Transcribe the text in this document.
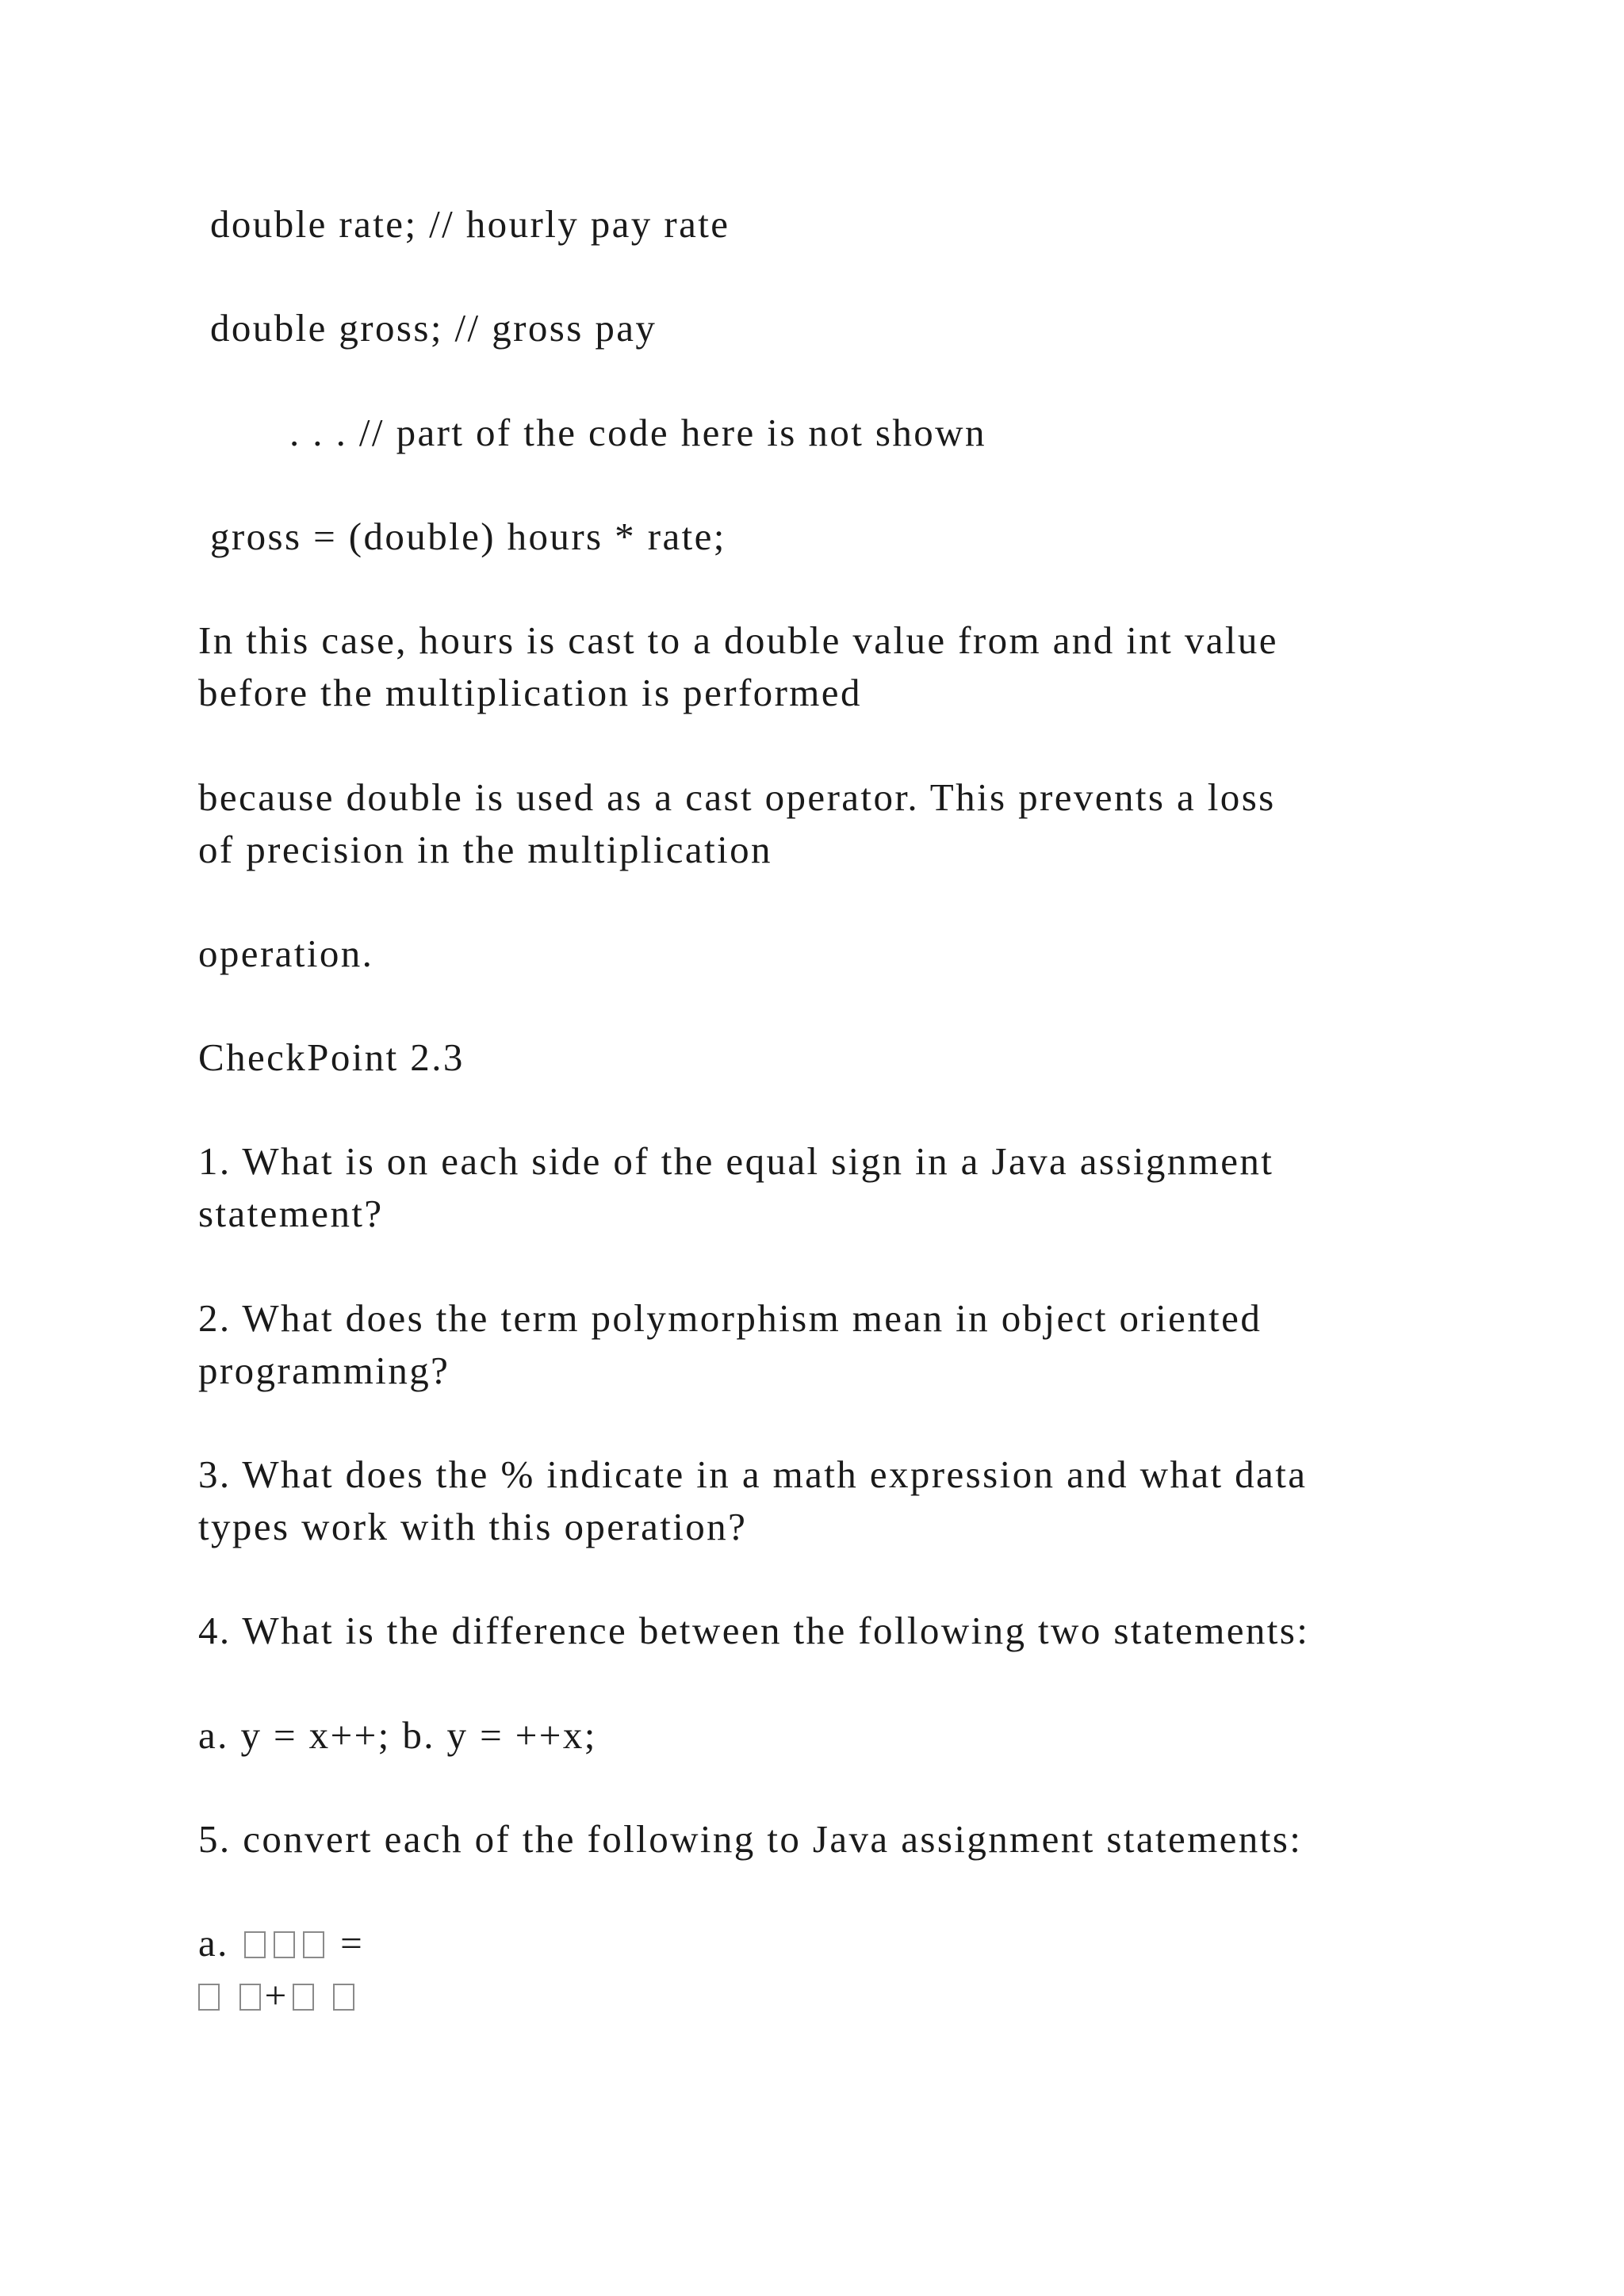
double rate; // hourly pay rate
double gross; // gross pay
. . . // part of the code here is not shown
gross = (double) hours * rate;
In this case, hours is cast to a double value from and int value
before the multiplication is performed
because double is used as a cast operator. This prevents a loss
of precision in the multiplication
operation.
CheckPoint 2.3
1. What is on each side of the equal sign in a Java assignment
statement?
2. What does the term polymorphism mean in object oriented
programming?
3. What does the % indicate in a math expression and what data
types work with this operation?
4. What is the difference between the following two statements:
a. y = x++; b. y = ++x;
5. convert each of the following to Java assignment statements:
a.	=
+
